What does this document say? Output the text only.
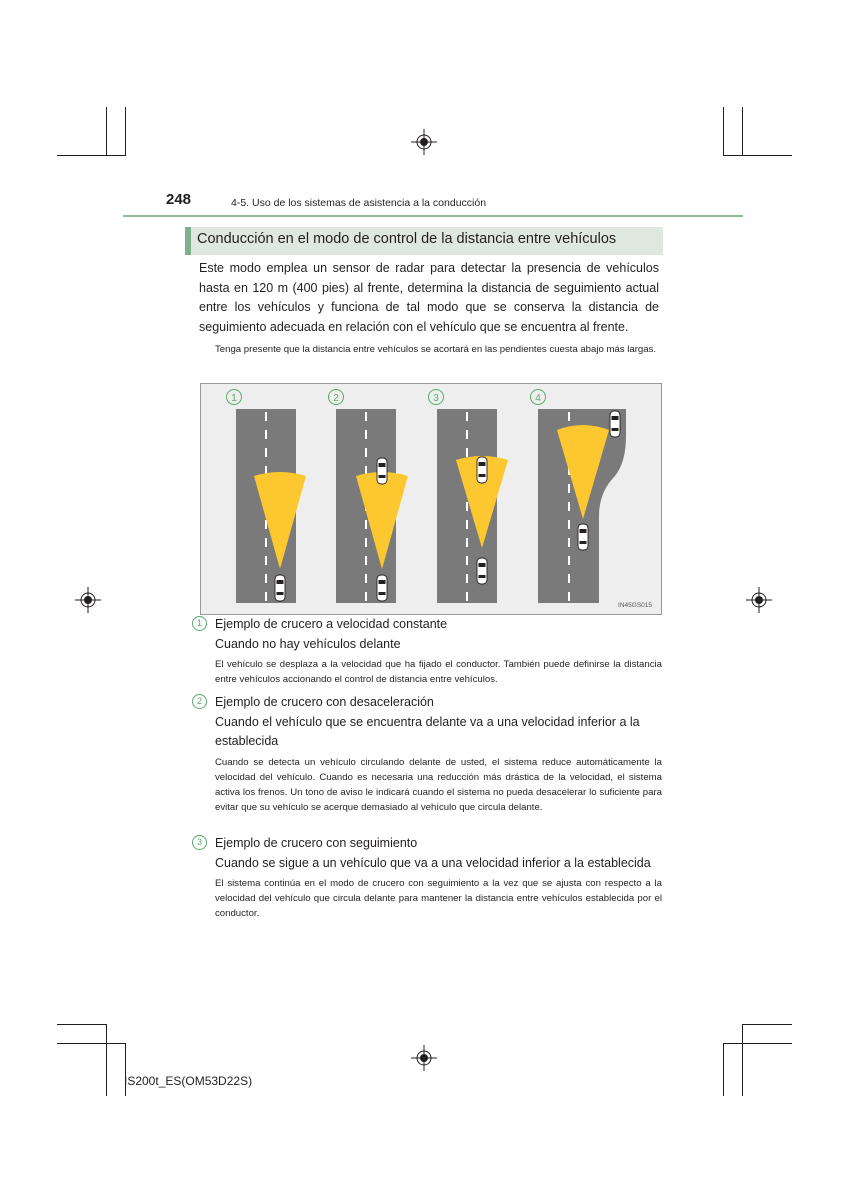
248	4-5. Uso de los sistemas de asistencia a la conducción
Conducción en el modo de control de la distancia entre vehículos
Este modo emplea un sensor de radar para detectar la presencia de vehículos hasta en 120 m (400 pies) al frente, determina la distancia de seguimiento actual entre los vehículos y funciona de tal modo que se conserva la distancia de seguimiento adecuada en relación con el vehículo que se encuentra al frente.
Tenga presente que la distancia entre vehículos se acortará en las pendientes cuesta abajo más largas.
1	2	3	4
IN45GS015
1	Ejemplo de crucero a velocidad constante
Cuando no hay vehículos delante
El vehículo se desplaza a la velocidad que ha fijado el conductor. También puede definirse la distancia entre vehículos accionando el control de distancia entre vehículos.
2	Ejemplo de crucero con desaceleración
Cuando el vehículo que se encuentra delante va a una velocidad inferior a la establecida
Cuando se detecta un vehículo circulando delante de usted, el sistema reduce automáticamente la velocidad del vehículo. Cuando es necesaria una reducción más drástica de la velocidad, el sistema activa los frenos. Un tono de aviso le indicará cuando el sistema no pueda desacelerar lo suficiente para evitar que su vehículo se acerque demasiado al vehículo que circula delante.
3	Ejemplo de crucero con seguimiento
Cuando se sigue a un vehículo que va a una velocidad inferior a la establecida
El sistema continúa en el modo de crucero con seguimiento a la vez que se ajusta con respecto a la velocidad del vehículo que circula delante para mantener la distancia entre vehículos establecida por el conductor.
IS200t_ES(OM53D22S)
